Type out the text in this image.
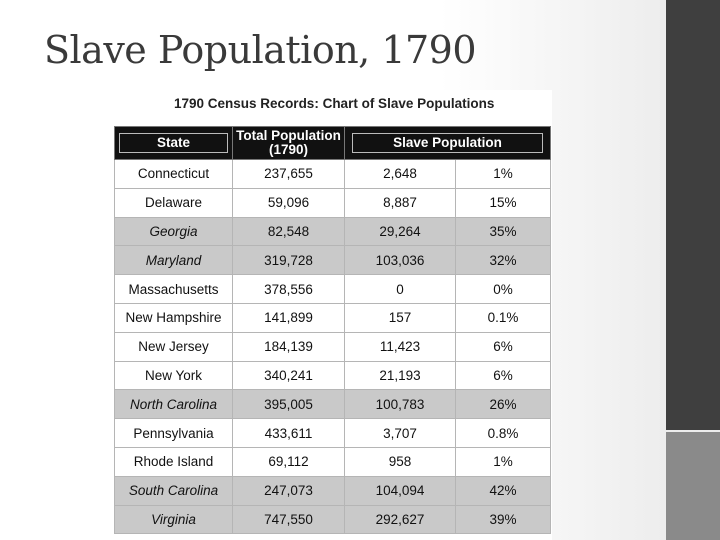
Slave Population, 1790
1790 Census Records: Chart of Slave Populations
State	Total Population (1790)	Slave Population	
Connecticut	237,655	2,648	1%
Delaware	59,096	8,887	15%
Georgia	82,548	29,264	35%
Maryland	319,728	103,036	32%
Massachusetts	378,556	0	0%
New Hampshire	141,899	157	0.1%
New Jersey	184,139	11,423	6%
New York	340,241	21,193	6%
North Carolina	395,005	100,783	26%
Pennsylvania	433,611	3,707	0.8%
Rhode Island	69,112	958	1%
South Carolina	247,073	104,094	42%
Virginia	747,550	292,627	39%
